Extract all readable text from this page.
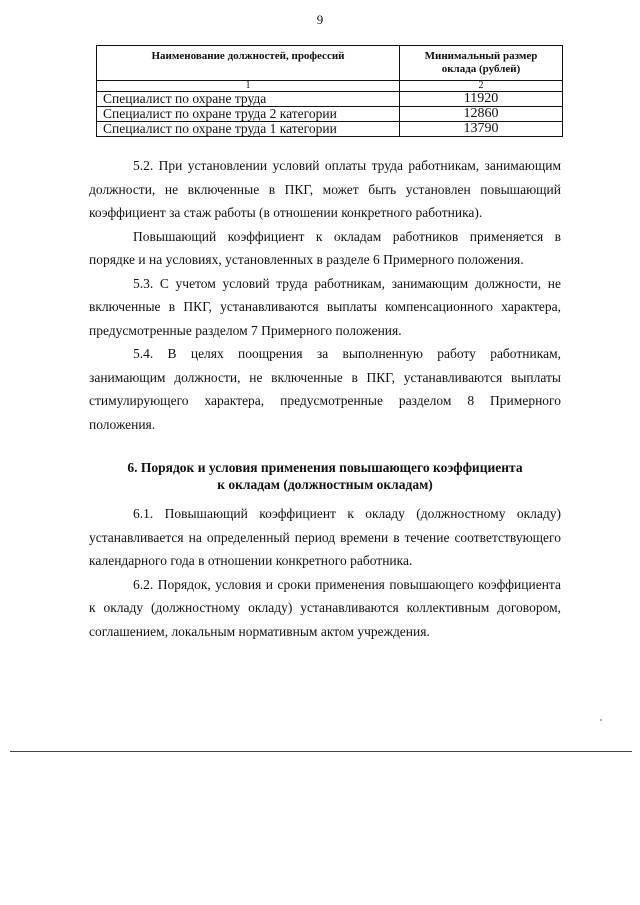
9
Наименование должностей, профессий	Минимальный размер оклада (рублей)
1	2
Специалист по охране труда	11920
Специалист по охране труда 2 категории	12860
Специалист по охране труда 1 категории	13790

5.2. При установлении условий оплаты труда работникам, занимающим должности, не включенные в ПКГ, может быть установлен повышающий коэффициент за стаж работы (в отношении конкретного работника).

Повышающий коэффициент к окладам работников применяется в порядке и на условиях, установленных в разделе 6 Примерного положения.

5.3. С учетом условий труда работникам, занимающим должности, не включенные в ПКГ, устанавливаются выплаты компенсационного характера, предусмотренные разделом 7 Примерного положения.

5.4. В целях поощрения за выполненную работу работникам, занимающим должности, не включенные в ПКГ, устанавливаются выплаты стимулирующего характера, предусмотренные разделом 8 Примерного положения.

6. Порядок и условия применения повышающего коэффициента
к окладам (должностным окладам)

6.1. Повышающий коэффициент к окладу (должностному окладу) устанавливается на определенный период времени в течение соответствующего календарного года в отношении конкретного работника.

6.2. Порядок, условия и сроки применения повышающего коэффициента к окладу (должностному окладу) устанавливаются коллективным договором, соглашением, локальным нормативным актом учреждения.
